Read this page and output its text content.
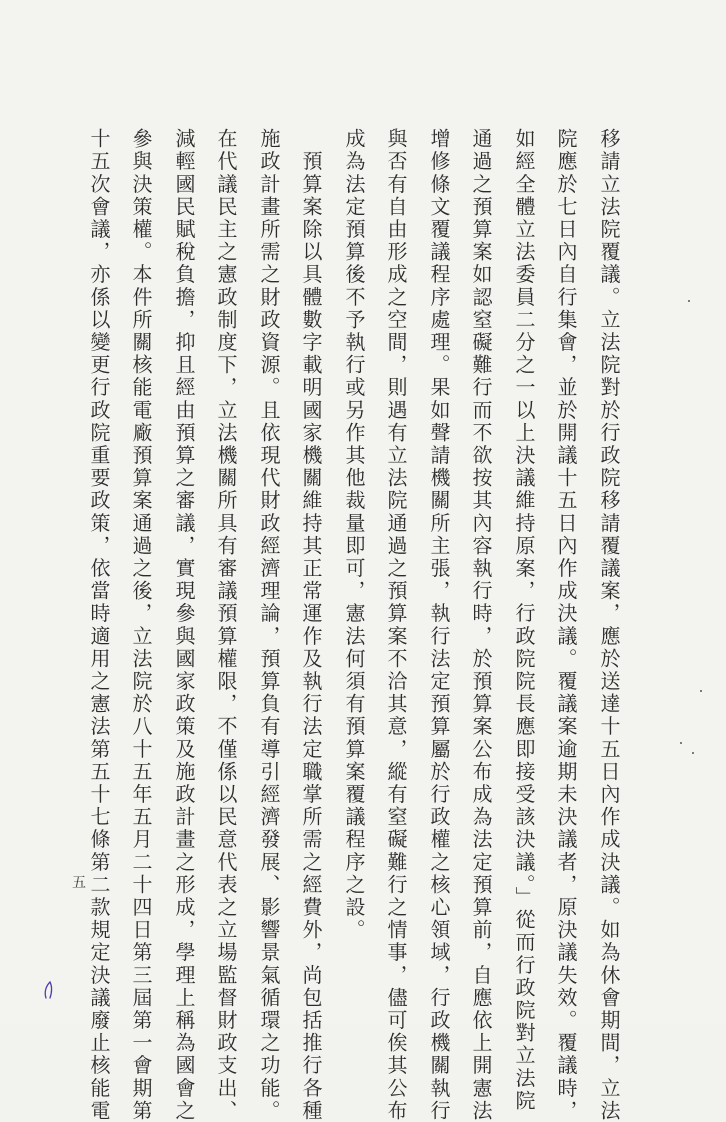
移請立法院覆議。立法院對於行政院移請覆議案，應於送達十五日內作成決議。如為休會期間，立法
院應於七日內自行集會，並於開議十五日內作成決議。覆議案逾期未決議者，原決議失效。覆議時，
如經全體立法委員二分之一以上決議維持原案，行政院院長應即接受該決議。」從而行政院對立法院
通過之預算案如認窒礙難行而不欲按其內容執行時，於預算案公布成為法定預算前，自應依上開憲法
增修條文覆議程序處理。果如聲請機關所主張，執行法定預算屬於行政權之核心領域，行政機關執行
與否有自由形成之空間，則遇有立法院通過之預算案不洽其意，縱有窒礙難行之情事，儘可俟其公布
成為法定預算後不予執行或另作其他裁量即可，憲法何須有預算案覆議程序之設。
　預算案除以具體數字載明國家機關維持其正常運作及執行法定職掌所需之經費外，尚包括推行各種
施政計畫所需之財政資源。且依現代財政經濟理論，預算負有導引經濟發展、影響景氣循環之功能。
在代議民主之憲政制度下，立法機關所具有審議預算權限，不僅係以民意代表之立場監督財政支出、
減輕國民賦稅負擔，抑且經由預算之審議，實現參與國家政策及施政計畫之形成，學理上稱為國會之
參與決策權。本件所關核能電廠預算案通過之後，立法院於八十五年五月二十四日第三屆第一會期第
十五次會議，亦係以變更行政院重要政策，依當時適用之憲法第五十七條第二款規定決議廢止核能電
五
